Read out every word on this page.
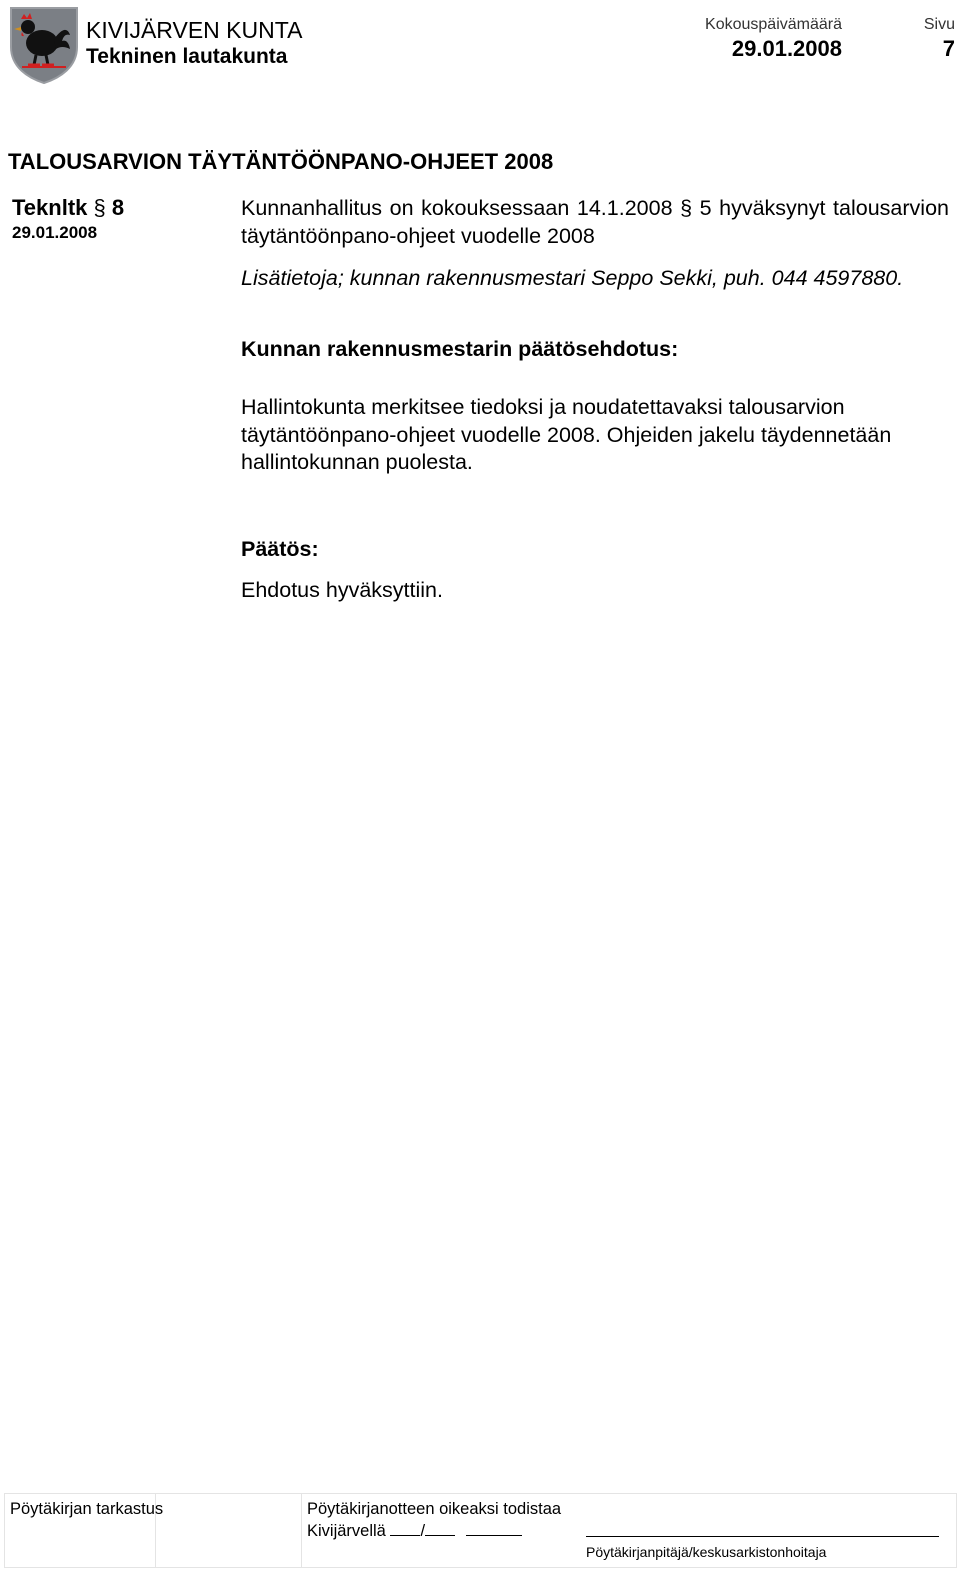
KIVIJÄRVEN KUNTA
Tekninen lautakunta
Kokouspäivämäärä
29.01.2008
Sivu
7
TALOUSARVION TÄYTÄNTÖÖNPANO-OHJEET 2008
Teknltk § 8
29.01.2008
Kunnanhallitus on kokouksessaan 14.1.2008 § 5 hyväksynyt talousarvion täytäntöönpano-ohjeet vuodelle 2008
Lisätietoja; kunnan rakennusmestari Seppo Sekki, puh. 044 4597880.
Kunnan rakennusmestarin päätösehdotus:
Hallintokunta merkitsee tiedoksi ja noudatettavaksi talousarvion täytäntöönpano-ohjeet vuodelle 2008. Ohjeiden jakelu täydennetään hallintokunnan puolesta.
Päätös:
Ehdotus hyväksyttiin.
Pöytäkirjan tarkastus	Pöytäkirjanotteen oikeaksi todistaa
Kivijärvellä /
Pöytäkirjanpitäjä/keskusarkistonhoitaja
